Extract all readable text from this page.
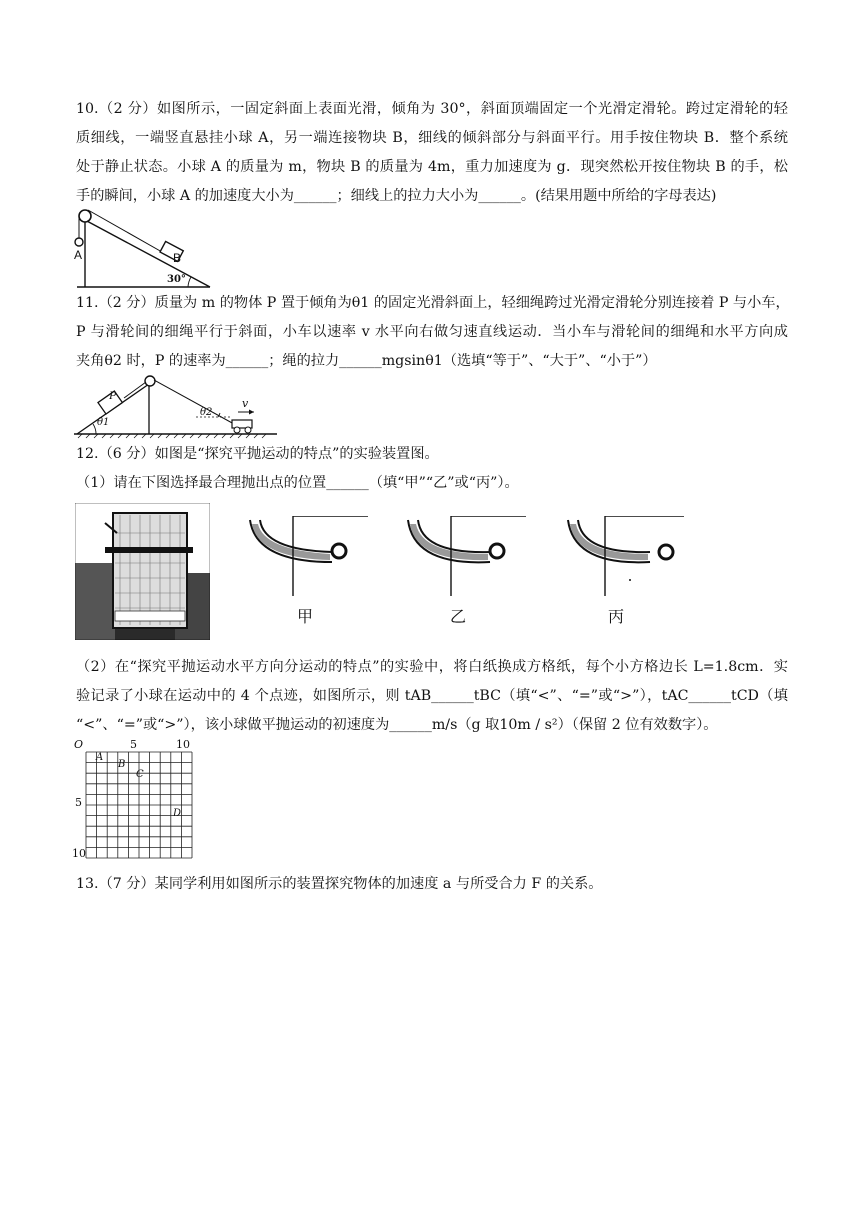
10.（2 分）如图所示，一固定斜面上表面光滑，倾角为 30°，斜面顶端固定一个光滑定滑轮。跨过定滑轮的轻
质细线，一端竖直悬挂小球 A，另一端连接物块 B，细线的倾斜部分与斜面平行。用手按住物块 B．整个系统
处于静止状态。小球 A 的质量为 m，物块 B 的质量为 4m，重力加速度为 g．现突然松开按住物块 B 的手，松
手的瞬间，小球 A 的加速度大小为______；细线上的拉力大小为______。(结果用题中所给的字母表达)
A	B
30°
11.（2 分）质量为 m 的物体 P 置于倾角为θ1 的固定光滑斜面上，轻细绳跨过光滑定滑轮分别连接着 P 与小车，
P 与滑轮间的细绳平行于斜面，小车以速率 v 水平向右做匀速直线运动．当小车与滑轮间的细绳和水平方向成
夹角θ2 时，P 的速率为______；绳的拉力______mgsinθ1（选填“等于”、“大于”、“小于”）
P
θ1
θ2
v
12.（6 分）如图是“探究平抛运动的特点”的实验装置图。
（1）请在下图选择最合理抛出点的位置______（填“甲”“乙”或“丙”）。
甲	乙	丙
（2）在“探究平抛运动水平方向分运动的特点”的实验中，将白纸换成方格纸，每个小方格边长 L=1.8cm．实
验记录了小球在运动中的 4 个点迹，如图所示，则 tAB______tBC（填“<”、“=”或“>”），tAC______tCD（填
“<”、“=”或“>”），该小球做平抛运动的初速度为______m/s（g 取10m / s²）（保留 2 位有效数字）。
O	5	10
5
10
A
B
C
D
13.（7 分）某同学利用如图所示的装置探究物体的加速度 a 与所受合力 F 的关系。
